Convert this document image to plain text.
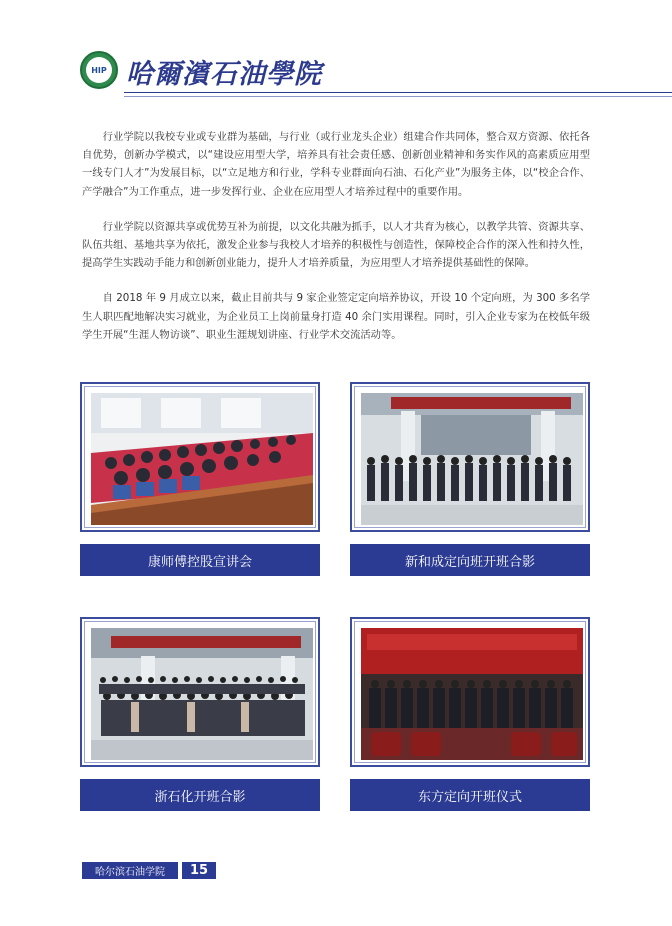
HIP 哈爾濱石油學院

行业学院以我校专业或专业群为基础，与行业（或行业龙头企业）组建合作共同体，整合双方资源、依托各自优势，创新办学模式，以“建设应用型大学，培养具有社会责任感、创新创业精神和务实作风的高素质应用型一线专门人才”为发展目标，以“立足地方和行业，学科专业群面向石油、石化产业”为服务主体，以“校企合作、产学融合”为工作重点，进一步发挥行业、企业在应用型人才培养过程中的重要作用。

行业学院以资源共享或优势互补为前提，以文化共融为抓手，以人才共育为核心，以教学共管、资源共享、队伍共组、基地共享为依托，激发企业参与我校人才培养的积极性与创造性，保障校企合作的深入性和持久性，提高学生实践动手能力和创新创业能力，提升人才培养质量，为应用型人才培养提供基础性的保障。

自 2018 年 9 月成立以来，截止目前共与 9 家企业签定定向培养协议，开设 10 个定向班，为 300 多名学生人职匹配地解决实习就业，为企业员工上岗前量身打造 40 余门实用课程。同时，引入企业专家为在校低年级学生开展“生涯人物访谈”、职业生涯规划讲座、行业学术交流活动等。

康师傅控股宣讲会	新和成定向班开班合影
浙石化开班合影	东方定向开班仪式
哈尔滨石油学院	15
